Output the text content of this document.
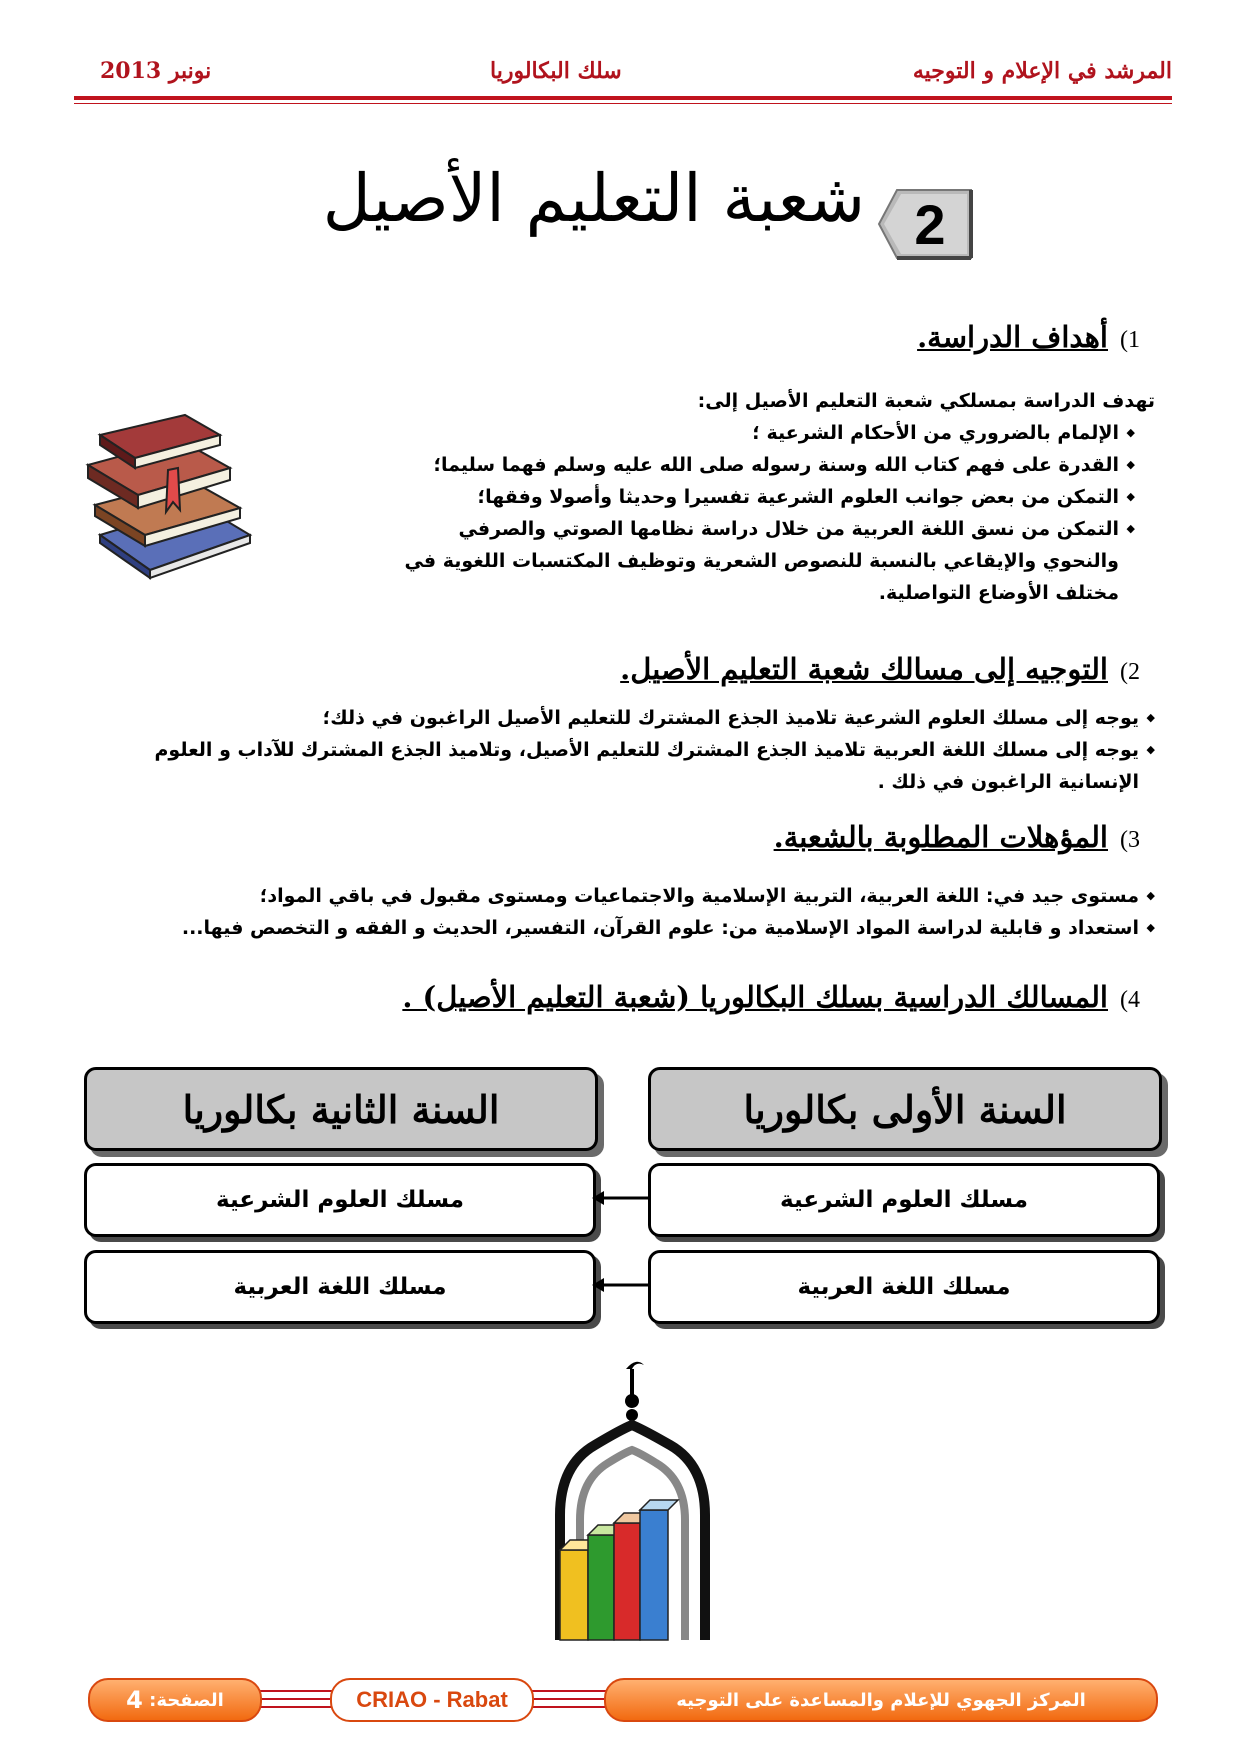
نونبر 2013	سلك البكالوريا	المرشد في الإعلام و التوجيه
2
شعبة التعليم الأصيل
1)أهداف الدراسة.
تهدف الدراسة بمسلكي شعبة التعليم الأصيل إلى:
◆ الإلمام بالضروري من الأحكام الشرعية ؛
◆ القدرة على فهم كتاب الله وسنة رسوله صلى الله عليه وسلم فهما سليما؛
◆ التمكن من بعض جوانب العلوم الشرعية تفسيرا وحديثا وأصولا وفقها؛
◆ التمكن من نسق اللغة العربية من خلال دراسة نظامها الصوتي والصرفي والنحوي والإيقاعي بالنسبة للنصوص الشعرية وتوظيف المكتسبات اللغوية في مختلف الأوضاع التواصلية.
2)التوجيه إلى مسالك شعبة التعليم الأصيل.
◆ يوجه إلى مسلك العلوم الشرعية تلاميذ الجذع المشترك للتعليم الأصيل الراغبون في ذلك؛
◆ يوجه إلى مسلك اللغة العربية تلاميذ الجذع المشترك للتعليم الأصيل، وتلاميذ الجذع المشترك للآداب و العلوم الإنسانية الراغبون في ذلك .
3)المؤهلات المطلوبة بالشعبة.
◆ مستوى جيد في: اللغة العربية، التربية الإسلامية والاجتماعيات ومستوى مقبول في باقي المواد؛
◆ استعداد و قابلية لدراسة المواد الإسلامية من: علوم القرآن، التفسير، الحديث و الفقه و التخصص فيها...
4)المسالك الدراسية بسلك البكالوريا (شعبة التعليم الأصيل) .
السنة الأولى بكالوريا
السنة الثانية بكالوريا
مسلك العلوم الشرعية
مسلك العلوم الشرعية
مسلك اللغة العربية
مسلك اللغة العربية
المركز الجهوي للإعلام والمساعدة على التوجيه
CRIAO - Rabat
الصفحة:

4
